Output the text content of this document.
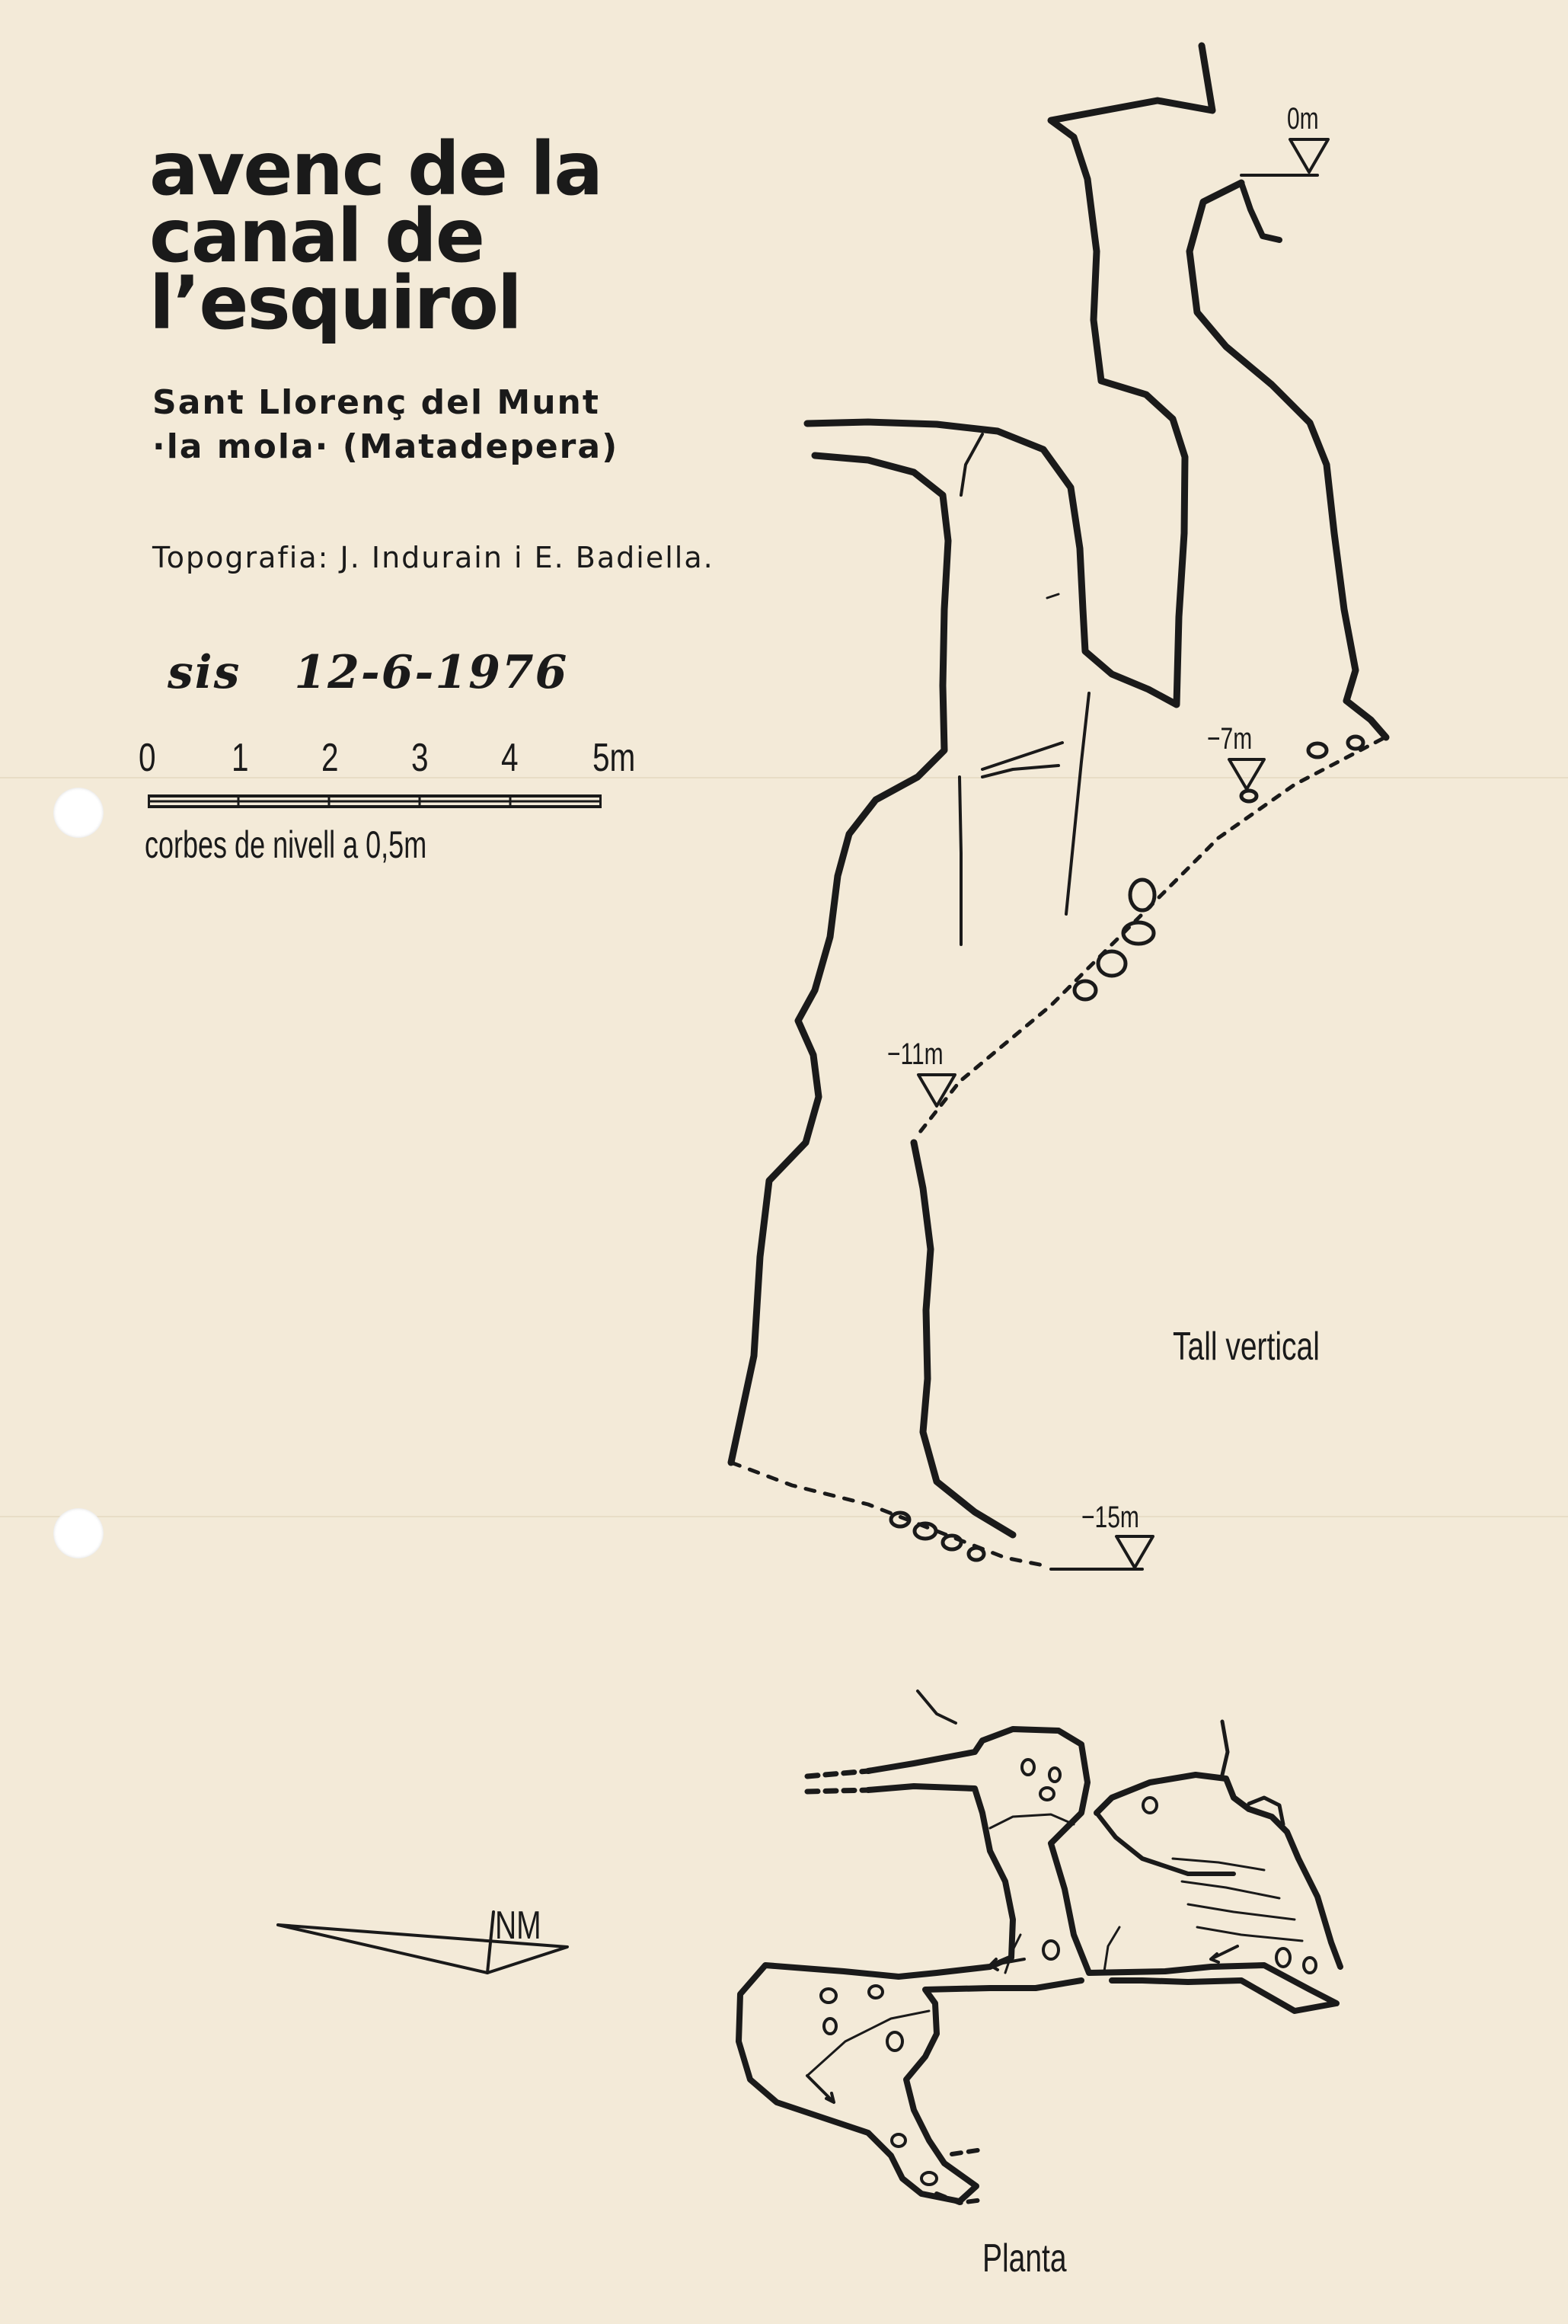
avenc de la
canal de
l’esquirol
Sant Llorenç del Munt
·la mola· (Matadepera)
Topografia: J. Indurain i E. Badiella.
sis 12-6-1976
0 1 2 3 4 5m
corbes de nivell a 0,5m
0m
−7m
−11m
−15m
Tall vertical
Planta
NM
